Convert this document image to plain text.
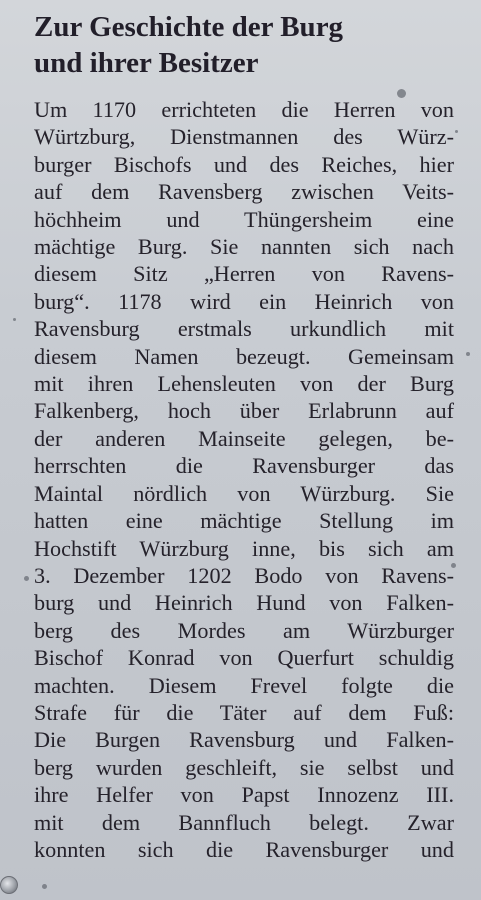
Zur Geschichte der Burg
und ihrer Besitzer
Um 1170 errichteten die Herren von
Würtzburg, Dienstmannen des Würz-
burger Bischofs und des Reiches, hier
auf dem Ravensberg zwischen Veits-
höchheim und Thüngersheim eine
mächtige Burg. Sie nannten sich nach
diesem Sitz „Herren von Ravens-
burg“. 1178 wird ein Heinrich von
Ravensburg erstmals urkundlich mit
diesem Namen bezeugt. Gemeinsam
mit ihren Lehensleuten von der Burg
Falkenberg, hoch über Erlabrunn auf
der anderen Mainseite gelegen, be-
herrschten die Ravensburger das
Maintal nördlich von Würzburg. Sie
hatten eine mächtige Stellung im
Hochstift Würzburg inne, bis sich am
3. Dezember 1202 Bodo von Ravens-
burg und Heinrich Hund von Falken-
berg des Mordes am Würzburger
Bischof Konrad von Querfurt schuldig
machten. Diesem Frevel folgte die
Strafe für die Täter auf dem Fuß:
Die Burgen Ravensburg und Falken-
berg wurden geschleift, sie selbst und
ihre Helfer von Papst Innozenz III.
mit dem Bannfluch belegt. Zwar
konnten sich die Ravensburger und
